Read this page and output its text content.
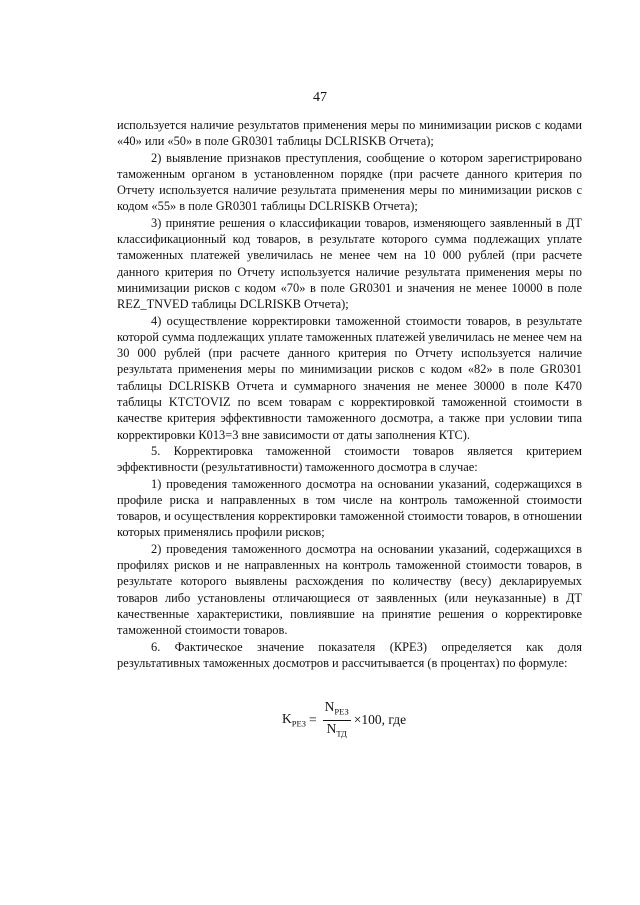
47

используется наличие результатов применения меры по минимизации рисков с кодами «40» или «50» в поле GR0301 таблицы DCLRISKB Отчета);

2) выявление признаков преступления, сообщение о котором зарегистрировано таможенным органом в установленном порядке (при расчете данного критерия по Отчету используется наличие результата применения меры по минимизации рисков с кодом «55» в поле GR0301 таблицы DCLRISKB Отчета);

3) принятие решения о классификации товаров, изменяющего заявленный в ДТ классификационный код товаров, в результате которого сумма подлежащих уплате таможенных платежей увеличилась не менее чем на 10 000 рублей (при расчете данного критерия по Отчету используется наличие результата применения меры по минимизации рисков с кодом «70» в поле GR0301 и значения не менее 10000 в поле REZ_TNVED таблицы DCLRISKB Отчета);

4) осуществление корректировки таможенной стоимости товаров, в результате которой сумма подлежащих уплате таможенных платежей увеличилась не менее чем на 30 000 рублей (при расчете данного критерия по Отчету используется наличие результата применения меры по минимизации рисков с кодом «82» в поле GR0301 таблицы DCLRISKB Отчета и суммарного значения не менее 30000 в поле К470 таблицы KTCTOVIZ по всем товарам с корректировкой таможенной стоимости в качестве критерия эффективности таможенного досмотра, а также при условии типа корректировки К013=3 вне зависимости от даты заполнения КТС).

5. Корректировка таможенной стоимости товаров является критерием эффективности (результативности) таможенного досмотра в случае:

1) проведения таможенного досмотра на основании указаний, содержащихся в профиле риска и направленных в том числе на контроль таможенной стоимости товаров, и осуществления корректировки таможенной стоимости товаров, в отношении которых применялись профили рисков;

2) проведения таможенного досмотра на основании указаний, содержащихся в профилях рисков и не направленных на контроль таможенной стоимости товаров, в результате которого выявлены расхождения по количеству (весу) декларируемых товаров либо установлены отличающиеся от заявленных (или неуказанные) в ДТ качественные характеристики, повлиявшие на принятие решения о корректировке таможенной стоимости товаров.

6. Фактическое значение показателя (КРЕЗ) определяется как доля результативных таможенных досмотров и рассчитывается (в процентах) по формуле:

$K_{РЕЗ} = \frac{N_{РЕЗ}}{N_{ТД}} \times 100$, где
